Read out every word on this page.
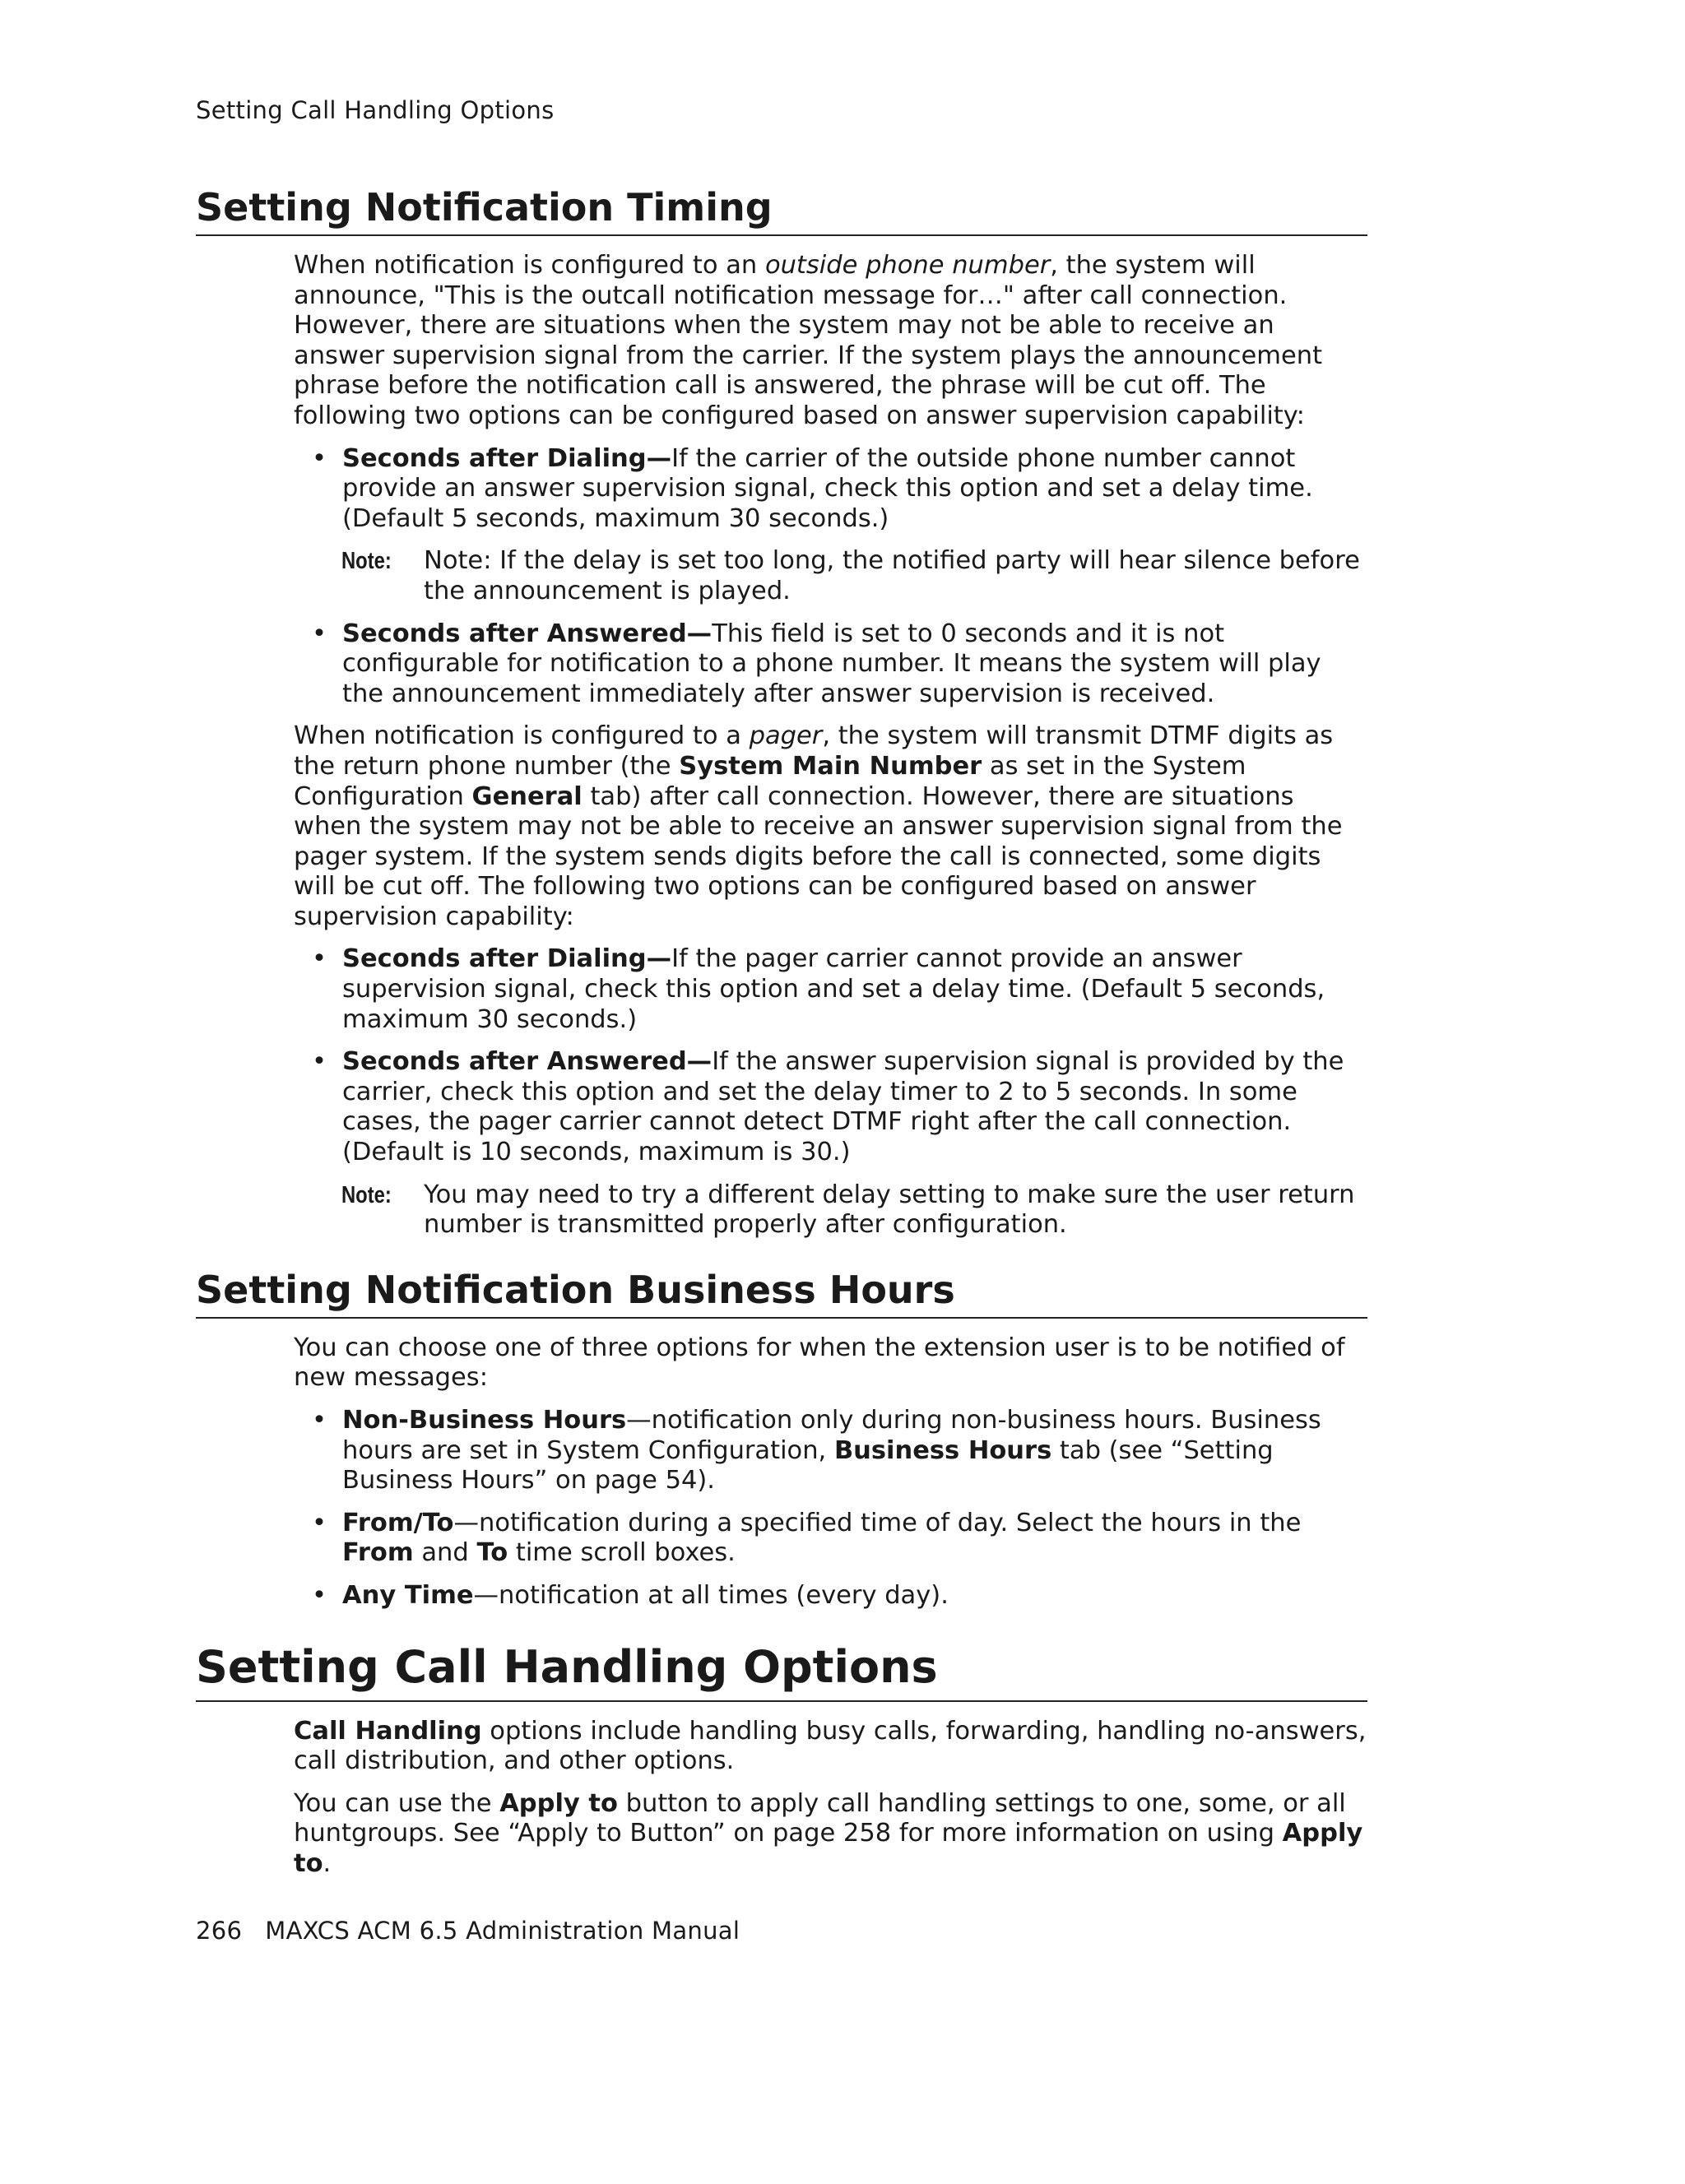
Setting Call Handling Options
Setting Notification Timing

When notification is configured to an outside phone number, the system will announce, "This is the outcall notification message for…" after call connection. However, there are situations when the system may not be able to receive an answer supervision signal from the carrier. If the system plays the announcement phrase before the notification call is answered, the phrase will be cut off. The following two options can be configured based on answer supervision capability:

• Seconds after Dialing—If the carrier of the outside phone number cannot provide an answer supervision signal, check this option and set a delay time. (Default 5 seconds, maximum 30 seconds.)
Note: Note: If the delay is set too long, the notified party will hear silence before the announcement is played.
• Seconds after Answered—This field is set to 0 seconds and it is not configurable for notification to a phone number. It means the system will play the announcement immediately after answer supervision is received.

When notification is configured to a pager, the system will transmit DTMF digits as the return phone number (the System Main Number as set in the System Configuration General tab) after call connection. However, there are situations when the system may not be able to receive an answer supervision signal from the pager system. If the system sends digits before the call is connected, some digits will be cut off. The following two options can be configured based on answer supervision capability:

• Seconds after Dialing—If the pager carrier cannot provide an answer supervision signal, check this option and set a delay time. (Default 5 seconds, maximum 30 seconds.)
• Seconds after Answered—If the answer supervision signal is provided by the carrier, check this option and set the delay timer to 2 to 5 seconds. In some cases, the pager carrier cannot detect DTMF right after the call connection. (Default is 10 seconds, maximum is 30.)
Note: You may need to try a different delay setting to make sure the user return number is transmitted properly after configuration.
Setting Notification Business Hours

You can choose one of three options for when the extension user is to be notified of new messages:

• Non-Business Hours—notification only during non-business hours. Business hours are set in System Configuration, Business Hours tab (see “Setting Business Hours” on page 54).
• From/To—notification during a specified time of day. Select the hours in the From and To time scroll boxes.
• Any Time—notification at all times (every day).
Setting Call Handling Options

Call Handling options include handling busy calls, forwarding, handling no-answers, call distribution, and other options.

You can use the Apply to button to apply call handling settings to one, some, or all huntgroups. See “Apply to Button” on page 258 for more information on using Apply to.

266 MAXCS ACM 6.5 Administration Manual
